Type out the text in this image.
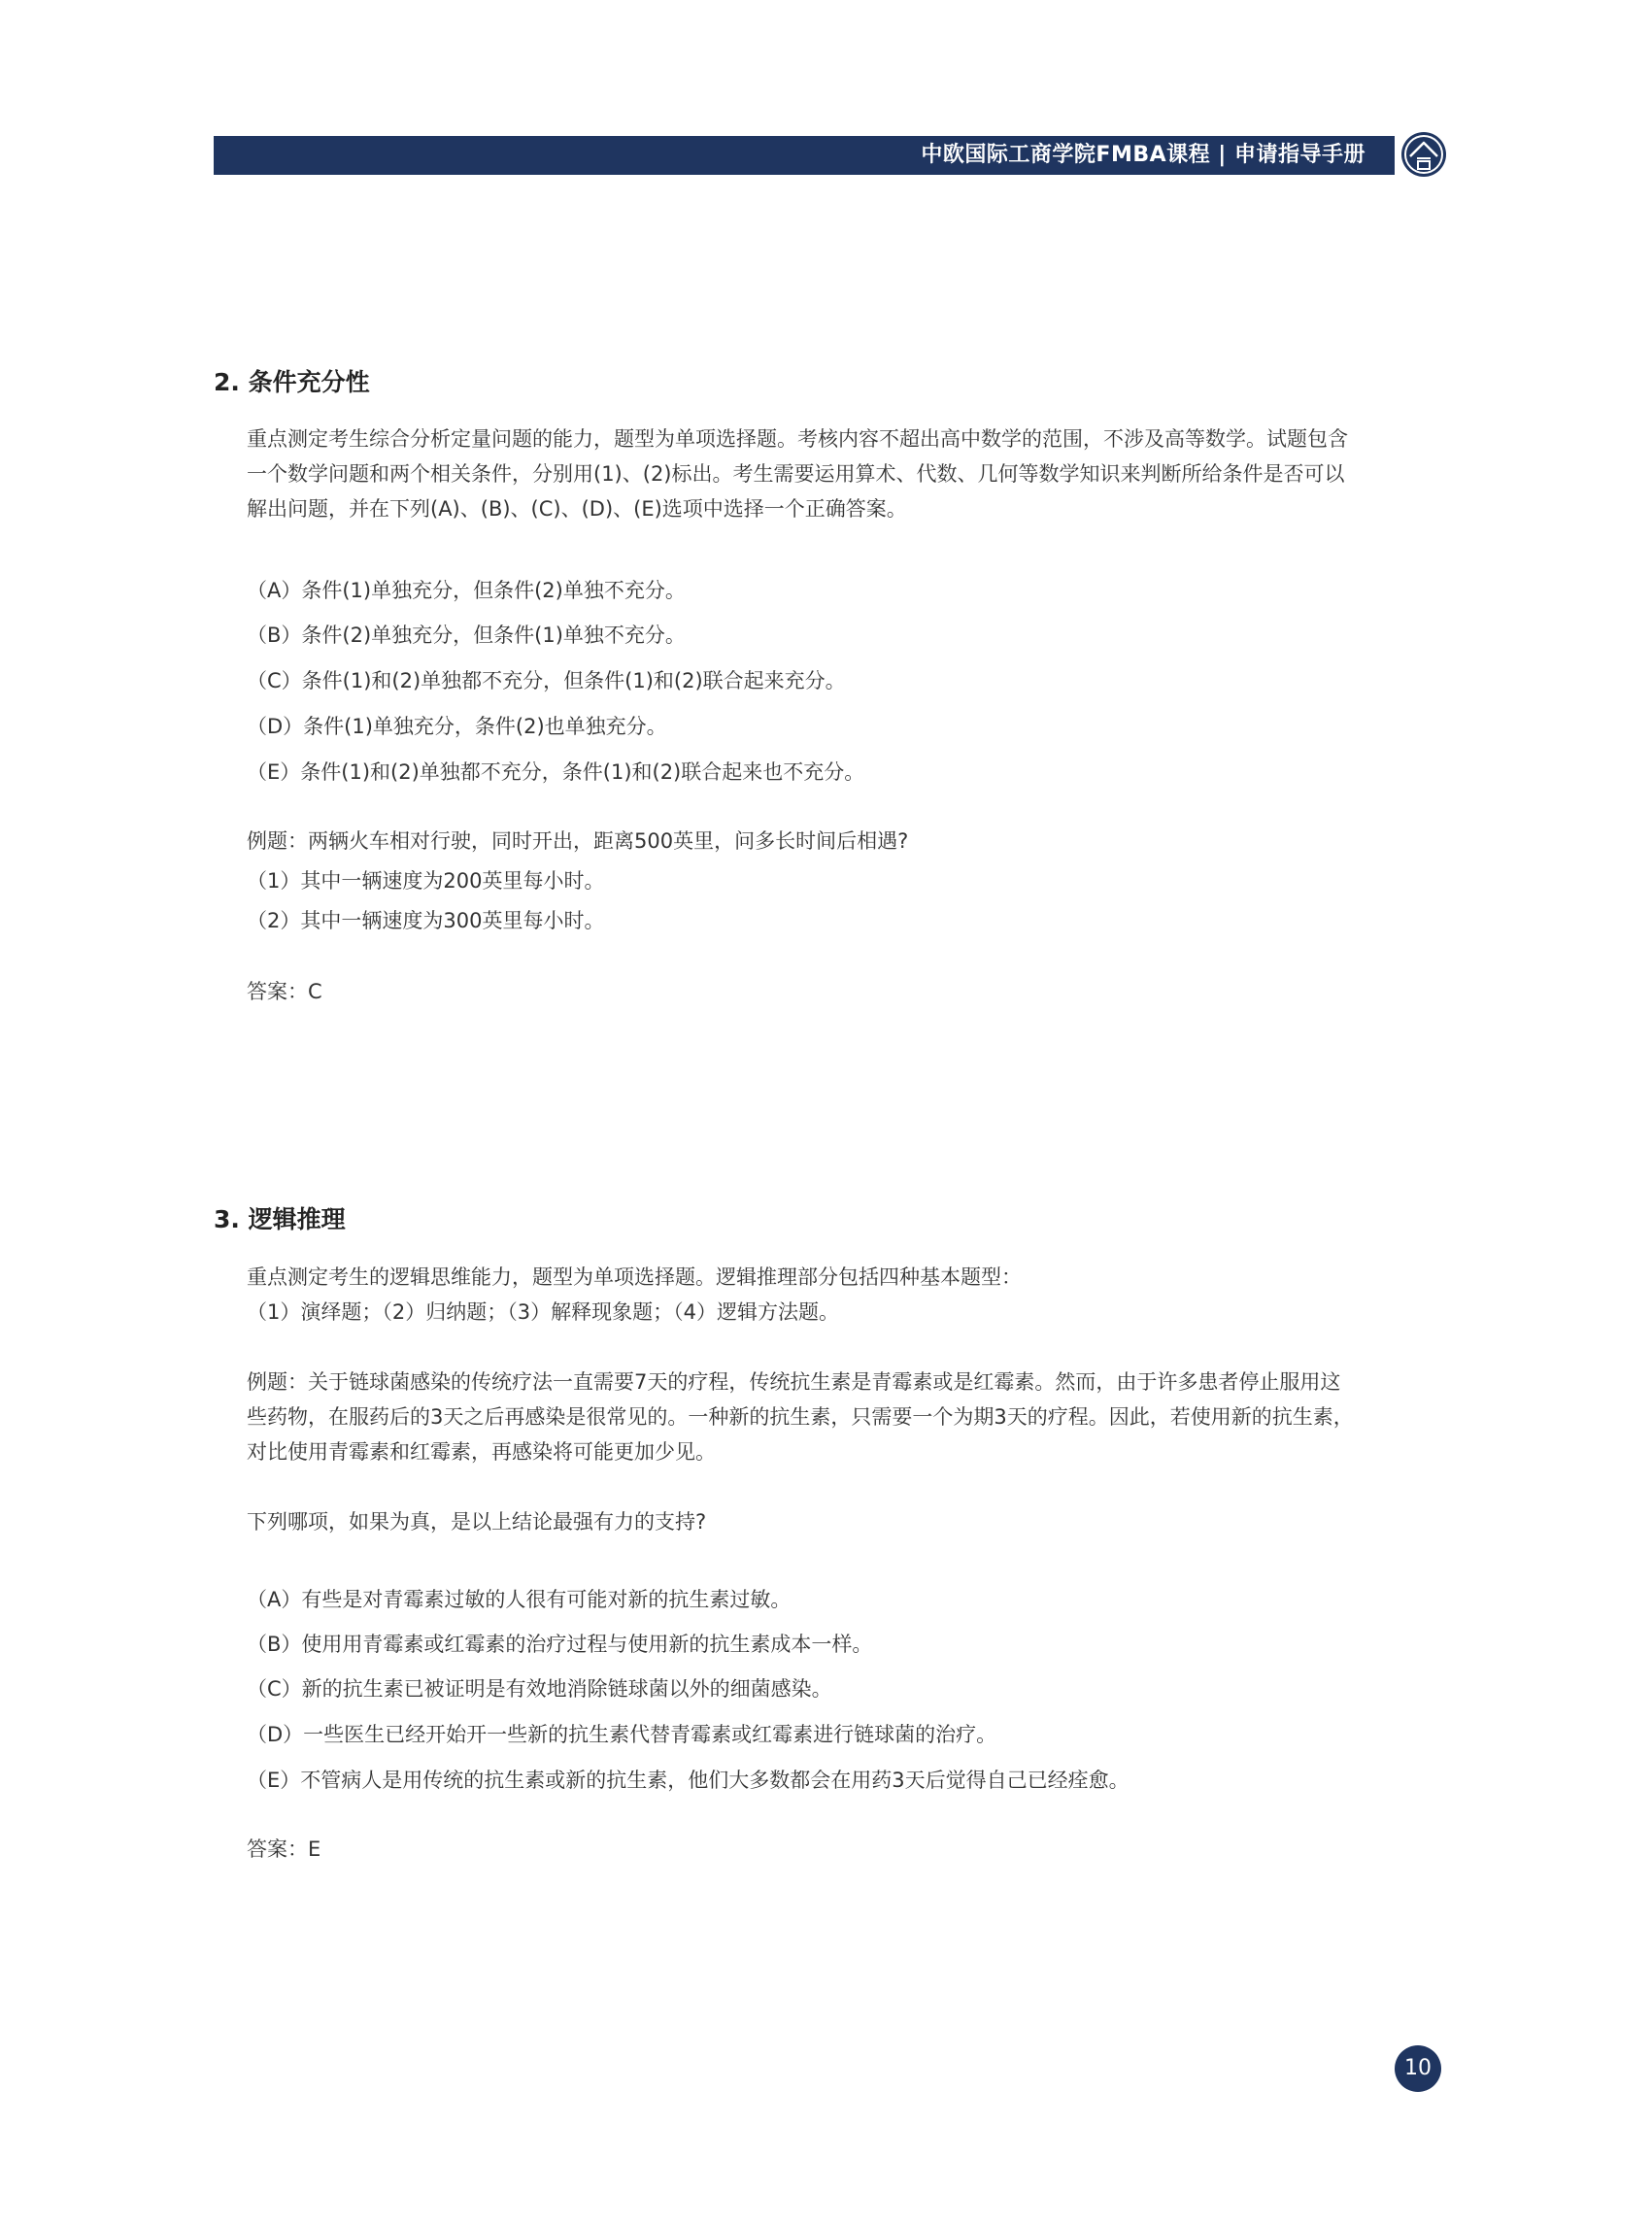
中欧国际工商学院FMBA课程 | 申请指导手册
2. 条件充分性
重点测定考生综合分析定量问题的能力，题型为单项选择题。考核内容不超出高中数学的范围，不涉及高等数学。试题包含
一个数学问题和两个相关条件，分别用(1)、(2)标出。考生需要运用算术、代数、几何等数学知识来判断所给条件是否可以
解出问题，并在下列(A)、(B)、(C)、(D)、(E)选项中选择一个正确答案。
（A）条件(1)单独充分，但条件(2)单独不充分。
（B）条件(2)单独充分，但条件(1)单独不充分。
（C）条件(1)和(2)单独都不充分，但条件(1)和(2)联合起来充分。
（D）条件(1)单独充分，条件(2)也单独充分。
（E）条件(1)和(2)单独都不充分，条件(1)和(2)联合起来也不充分。
例题：两辆火车相对行驶，同时开出，距离500英里，问多长时间后相遇?
（1）其中一辆速度为200英里每小时。
（2）其中一辆速度为300英里每小时。
答案：C
3. 逻辑推理
重点测定考生的逻辑思维能力，题型为单项选择题。逻辑推理部分包括四种基本题型：
（1）演绎题；（2）归纳题；（3）解释现象题；（4）逻辑方法题。
例题：关于链球菌感染的传统疗法一直需要7天的疗程，传统抗生素是青霉素或是红霉素。然而，由于许多患者停止服用这
些药物，在服药后的3天之后再感染是很常见的。一种新的抗生素，只需要一个为期3天的疗程。因此，若使用新的抗生素，
对比使用青霉素和红霉素，再感染将可能更加少见。
下列哪项，如果为真，是以上结论最强有力的支持?
（A）有些是对青霉素过敏的人很有可能对新的抗生素过敏。
（B）使用用青霉素或红霉素的治疗过程与使用新的抗生素成本一样。
（C）新的抗生素已被证明是有效地消除链球菌以外的细菌感染。
（D）一些医生已经开始开一些新的抗生素代替青霉素或红霉素进行链球菌的治疗。
（E）不管病人是用传统的抗生素或新的抗生素，他们大多数都会在用药3天后觉得自己已经痊愈。
答案：E
10
